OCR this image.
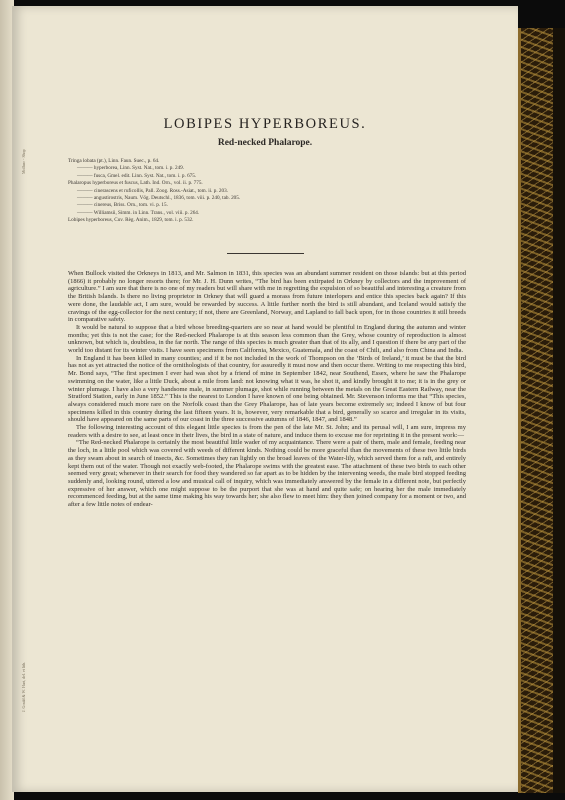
Mollusc - Shop
J. Gould & W. Hart, del. et lith.
LOBIPES HYPERBOREUS.
Red-necked Phalarope.
Tringa lobata (pt.), Linn. Faun. Suec., p. 64.
——— hyperborea, Linn. Syst. Nat., tom. i. p. 249.
——— fusca, Gmel. edit. Linn. Syst. Nat., tom. i. p. 675.
Phalaropus hyperboreus et fuscus, Lath. Ind. Orn., vol. ii. p. 775.
——— cinerascens et ruficollis, Pall. Zoog. Ross.-Asiat., tom. ii. p. 203.
——— angustirostris, Naum. Vög. Deutschl., 1836, tom. viii. p. 240, tab. 205.
——— cinereus, Briss. Orn., tom. vi. p. 15.
——— Williamsii, Simm. in Linn. Trans., vol. viii. p. 264.
Lobipes hyperboreus, Cuv. Règ. Anim., 1829, tom. i. p. 532.

When Bullock visited the Orkneys in 1813, and Mr. Salmon in 1831, this species was an abundant summer resident on those islands: but at this period (1866) it probably no longer resorts there; for Mr. J. H. Dunn writes, “The bird has been extirpated in Orkney by collectors and the improvement of agriculture.” I am sure that there is no one of my readers but will share with me in regretting the expulsion of so beautiful and interesting a creature from the British Islands. Is there no living proprietor in Orkney that will guard a morass from future interlopers and entice this species back again? If this were done, the laudable act, I am sure, would be rewarded by success. A little further north the bird is still abundant, and Iceland would satisfy the cravings of the egg-collector for the next century; if not, there are Greenland, Norway, and Lapland to fall back upon, for in those countries it still breeds in comparative safety.

It would be natural to suppose that a bird whose breeding-quarters are so near at hand would be plentiful in England during the autumn and winter months; yet this is not the case; for the Red-necked Phalarope is at this season less common than the Grey, whose country of reproduction is almost unknown, but which is, doubtless, in the far north. The range of this species is much greater than that of its ally, and I question if there be any part of the world too distant for its winter visits. I have seen specimens from California, Mexico, Guatemala, and the coast of Chili, and also from China and India.

In England it has been killed in many counties; and if it be not included in the work of Thompson on the ‘Birds of Ireland,’ it must be that the bird has not as yet attracted the notice of the ornithologists of that country, for assuredly it must now and then occur there. Writing to me respecting this bird, Mr. Bond says, “The first specimen I ever had was shot by a friend of mine in September 1842, near Southend, Essex, where he saw the Phalarope swimming on the water, like a little Duck, about a mile from land: not knowing what it was, he shot it, and kindly brought it to me; it is in the grey or winter plumage. I have also a very handsome male, in summer plumage, shot while running between the metals on the Great Eastern Railway, near the Stratford Station, early in June 1852.” This is the nearest to London I have known of one being obtained. Mr. Stevenson informs me that “This species, always considered much more rare on the Norfolk coast than the Grey Phalarope, has of late years become extremely so; indeed I know of but four specimens killed in this country during the last fifteen years. It is, however, very remarkable that a bird, generally so scarce and irregular in its visits, should have appeared on the same parts of our coast in the three successive autumns of 1846, 1847, and 1848.”

The following interesting account of this elegant little species is from the pen of the late Mr. St. John; and its perusal will, I am sure, impress my readers with a desire to see, at least once in their lives, the bird in a state of nature, and induce them to excuse me for reprinting it in the present work:—

“The Red-necked Phalarope is certainly the most beautiful little wader of my acquaintance. There were a pair of them, male and female, feeding near the loch, in a little pool which was covered with weeds of different kinds. Nothing could be more graceful than the movements of these two little birds as they swam about in search of insects, &c. Sometimes they ran lightly on the broad leaves of the Water-lily, which served them for a raft, and entirely kept them out of the water. Though not exactly web-footed, the Phalarope swims with the greatest ease. The attachment of these two birds to each other seemed very great; whenever in their search for food they wandered so far apart as to be hidden by the intervening weeds, the male bird stopped feeding suddenly and, looking round, uttered a low and musical call of inquiry, which was immediately answered by the female in a different note, but perfectly expressive of her answer, which one might suppose to be the purport that she was at hand and quite safe; on hearing her the male immediately recommenced feeding, but at the same time making his way towards her; she also flew to meet him: they then joined company for a moment or two, and after a few little notes of endear-
